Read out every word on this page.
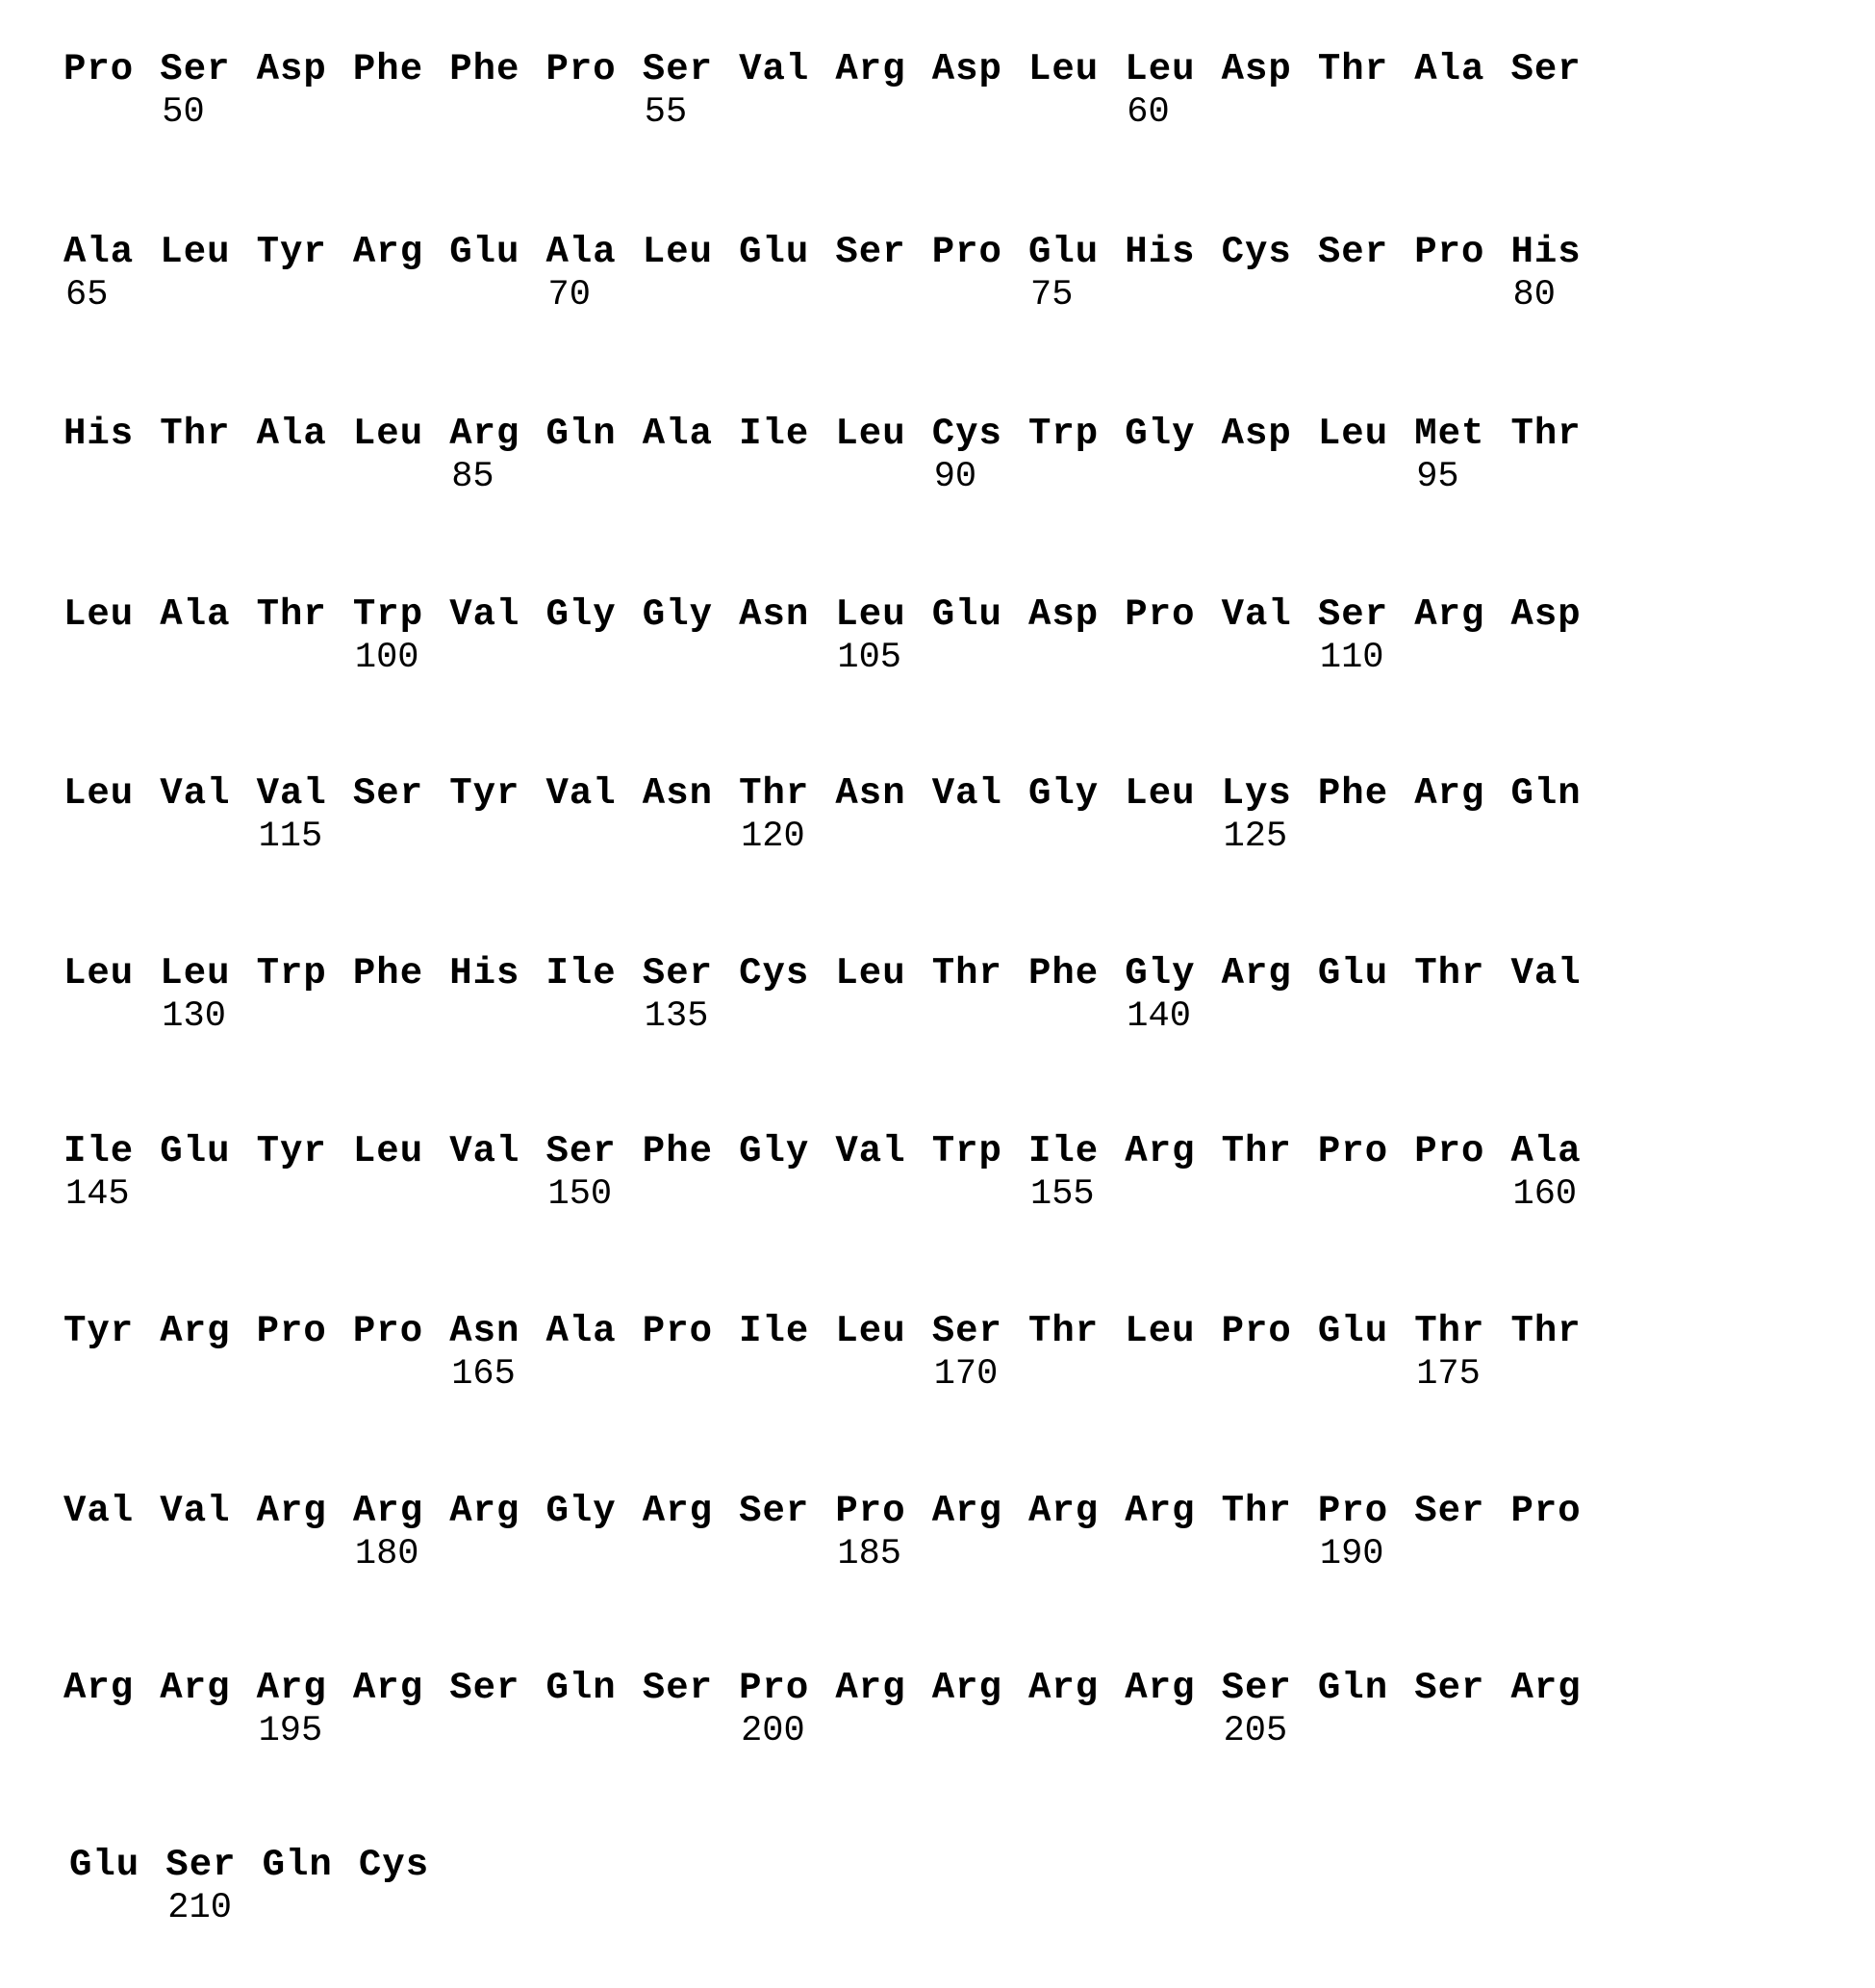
Pro Ser Asp Phe Phe Pro Ser Val Arg Asp Leu Leu Asp Thr Ala Ser
50	55	60
Ala Leu Tyr Arg Glu Ala Leu Glu Ser Pro Glu His Cys Ser Pro His
65	70	75	80
His Thr Ala Leu Arg Gln Ala Ile Leu Cys Trp Gly Asp Leu Met Thr
85	90	95
Leu Ala Thr Trp Val Gly Gly Asn Leu Glu Asp Pro Val Ser Arg Asp
100	105	110
Leu Val Val Ser Tyr Val Asn Thr Asn Val Gly Leu Lys Phe Arg Gln
115	120	125
Leu Leu Trp Phe His Ile Ser Cys Leu Thr Phe Gly Arg Glu Thr Val
130	135	140
Ile Glu Tyr Leu Val Ser Phe Gly Val Trp Ile Arg Thr Pro Pro Ala
145	150	155	160
Tyr Arg Pro Pro Asn Ala Pro Ile Leu Ser Thr Leu Pro Glu Thr Thr
165	170	175
Val Val Arg Arg Arg Gly Arg Ser Pro Arg Arg Arg Thr Pro Ser Pro
180	185	190
Arg Arg Arg Arg Ser Gln Ser Pro Arg Arg Arg Arg Ser Gln Ser Arg
195	200	205
Glu Ser Gln Cys
210
